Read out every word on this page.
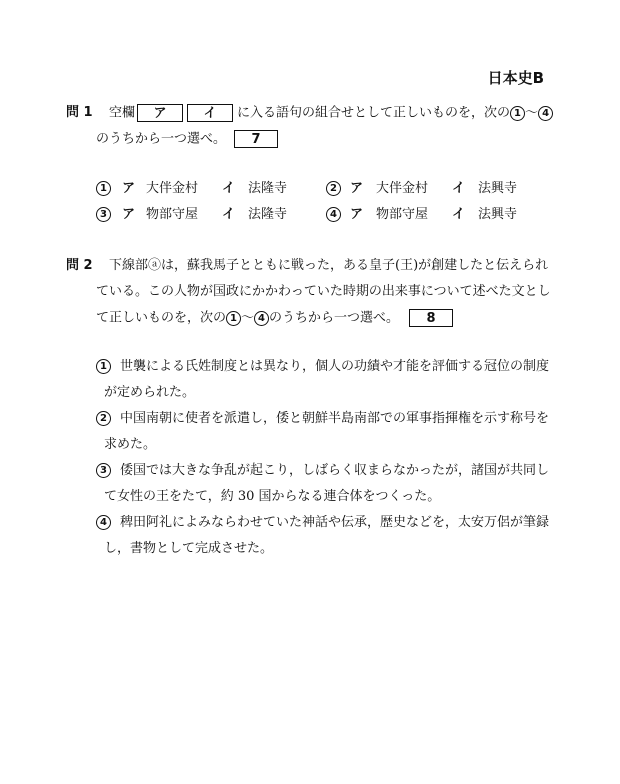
日本史B
問 1 空欄 ア	イ に入る語句の組合せとして正しいものを，次の 1 〜 4
のうちから一つ選べ。 7
1	ア 大伴金村 イ 法隆寺	2	ア 大伴金村 イ 法興寺
3	ア 物部守屋 イ 法隆寺	4	ア 物部守屋 イ 法興寺
問 2 下線部ⓐは，蘇我馬子とともに戦った，ある皇子(王)が創建したと伝えられ
ている。この人物が国政にかかわっていた時期の出来事について述べた文とし
て正しいものを，次の 1 〜 4 のうちから一つ選べ。 8
1	世襲による氏姓制度とは異なり，個人の功績や才能を評価する冠位の制度
が定められた。
2	中国南朝に使者を派遣し，倭と朝鮮半島南部での軍事指揮権を示す称号を
求めた。
3	倭国では大きな争乱が起こり，しばらく収まらなかったが，諸国が共同し
て女性の王をたて，約 30 国からなる連合体をつくった。
4	稗田阿礼によみならわせていた神話や伝承，歴史などを，太安万侶が筆録
し，書物として完成させた。
